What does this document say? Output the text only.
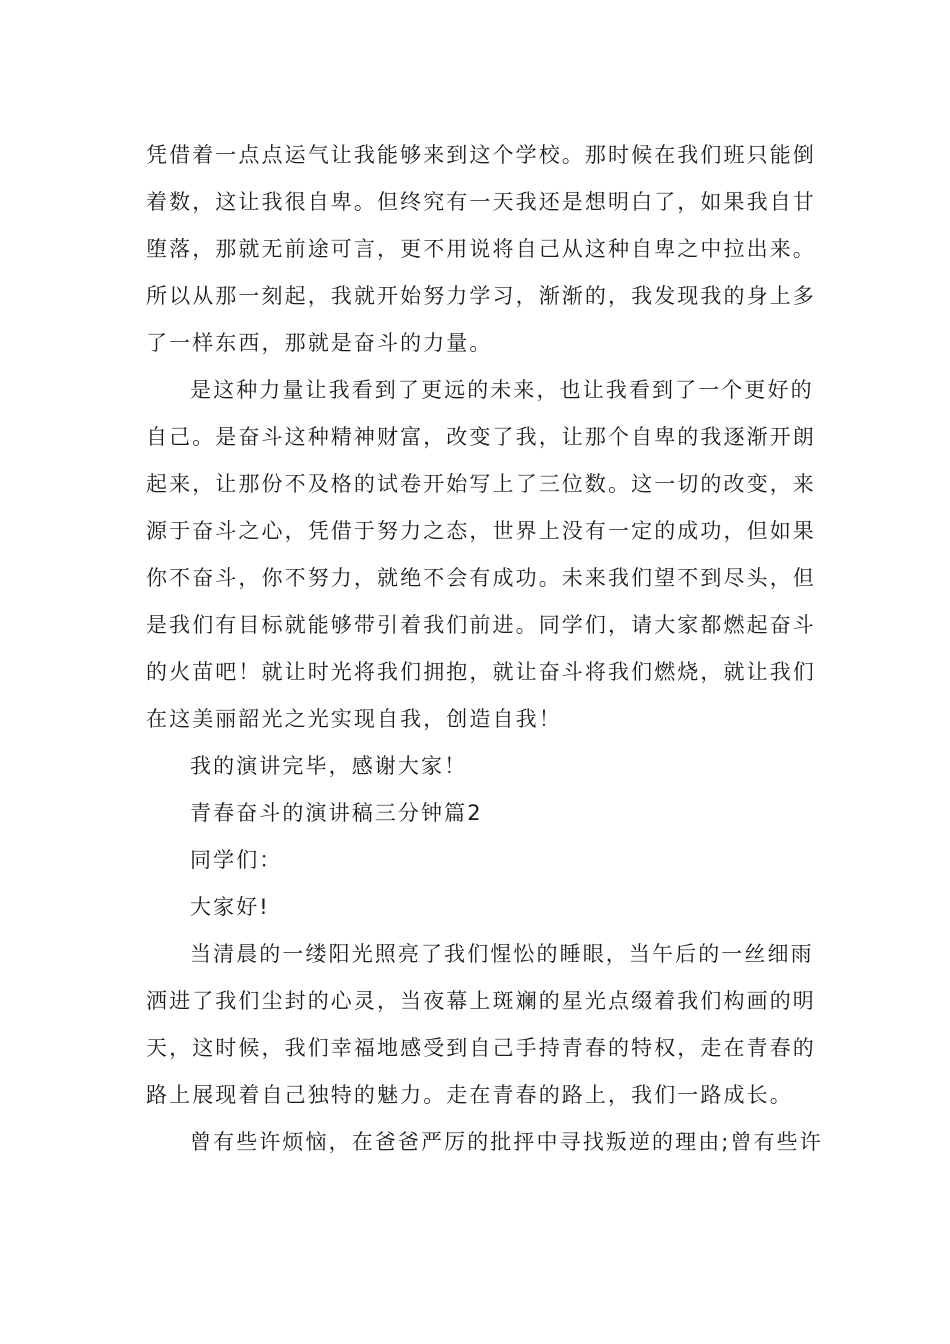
凭借着一点点运气让我能够来到这个学校。那时候在我们班只能倒
着数，这让我很自卑。但终究有一天我还是想明白了，如果我自甘
堕落，那就无前途可言，更不用说将自己从这种自卑之中拉出来。
所以从那一刻起，我就开始努力学习，渐渐的，我发现我的身上多
了一样东西，那就是奋斗的力量。
是这种力量让我看到了更远的未来，也让我看到了一个更好的
自己。是奋斗这种精神财富，改变了我，让那个自卑的我逐渐开朗
起来，让那份不及格的试卷开始写上了三位数。这一切的改变，来
源于奋斗之心，凭借于努力之态，世界上没有一定的成功，但如果
你不奋斗，你不努力，就绝不会有成功。未来我们望不到尽头，但
是我们有目标就能够带引着我们前进。同学们，请大家都燃起奋斗
的火苗吧！就让时光将我们拥抱，就让奋斗将我们燃烧，就让我们
在这美丽韶光之光实现自我，创造自我！
我的演讲完毕，感谢大家！
青春奋斗的演讲稿三分钟篇2
同学们：
大家好!
当清晨的一缕阳光照亮了我们惺忪的睡眼，当午后的一丝细雨
洒进了我们尘封的心灵，当夜幕上斑斓的星光点缀着我们构画的明
天，这时候，我们幸福地感受到自己手持青春的特权，走在青春的
路上展现着自己独特的魅力。走在青春的路上，我们一路成长。
曾有些许烦恼，在爸爸严厉的批抨中寻找叛逆的理由;曾有些许
